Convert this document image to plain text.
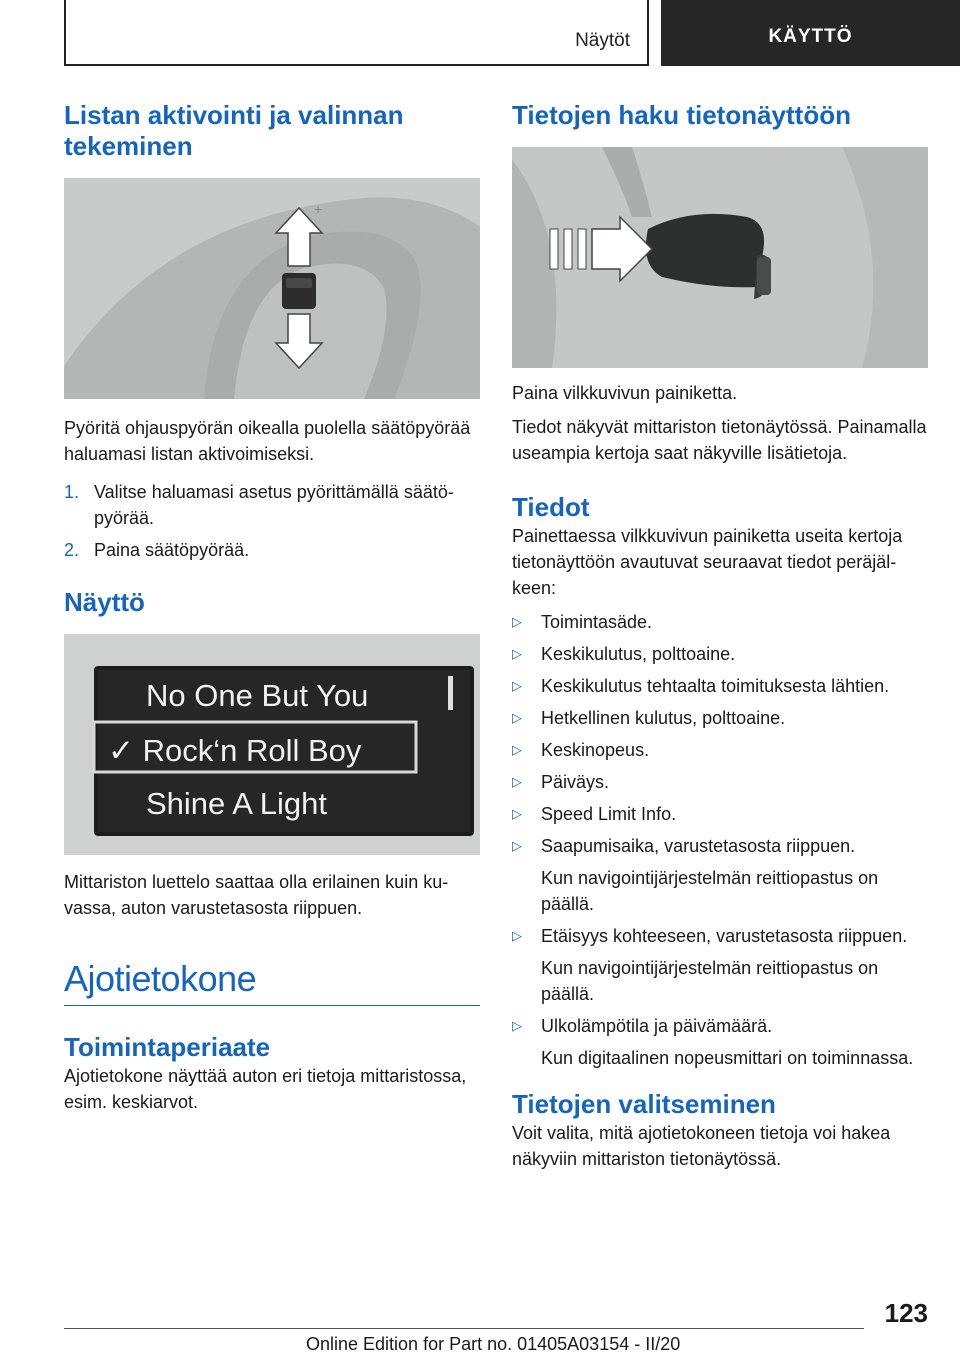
Näytöt	KÄYTTÖ
Listan aktivointi ja valinnan tekeminen
+

Pyöritä ohjauspyörän oikealla puolella säätöpyörää haluamasi listan aktivoimiseksi.

1. Valitse haluamasi asetus pyörittämällä säätöpyörää.
2. Paina säätöpyörää.
Näyttö
No One But You
✓ Rock‘n Roll Boy
Shine A Light

Mittariston luettelo saattaa olla erilainen kuin kuvassa, auton varustetasosta riippuen.

Ajotietokone
Toimintaperiaate

Ajotietokone näyttää auton eri tietoja mittaristossa, esim. keskiarvot.

Tietojen haku tietonäyttöön

Paina vilkkuvivun painiketta.

Tiedot näkyvät mittariston tietonäytössä. Painamalla useampia kertoja saat näkyville lisätietoja.

Tiedot

Painettaessa vilkkuvivun painiketta useita kertoja tietonäyttöön avautuvat seuraavat tiedot peräjälkeen:

▷	Toimintasäde.
▷	Keskikulutus, polttoaine.
▷	Keskikulutus tehtaalta toimituksesta lähtien.
▷	Hetkellinen kulutus, polttoaine.
▷	Keskinopeus.
▷	Päiväys.
▷	Speed Limit Info.
▷	Saapumisaika, varustetasosta riippuen.
Kun navigointijärjestelmän reittiopastus on päällä.
▷	Etäisyys kohteeseen, varustetasosta riippuen.
Kun navigointijärjestelmän reittiopastus on päällä.
▷	Ulkolämpötila ja päivämäärä.
Kun digitaalinen nopeusmittari on toiminnassa.
Tietojen valitseminen

Voit valita, mitä ajotietokoneen tietoja voi hakea näkyviin mittariston tietonäytössä.

123
Online Edition for Part no. 01405A03154 - II/20
